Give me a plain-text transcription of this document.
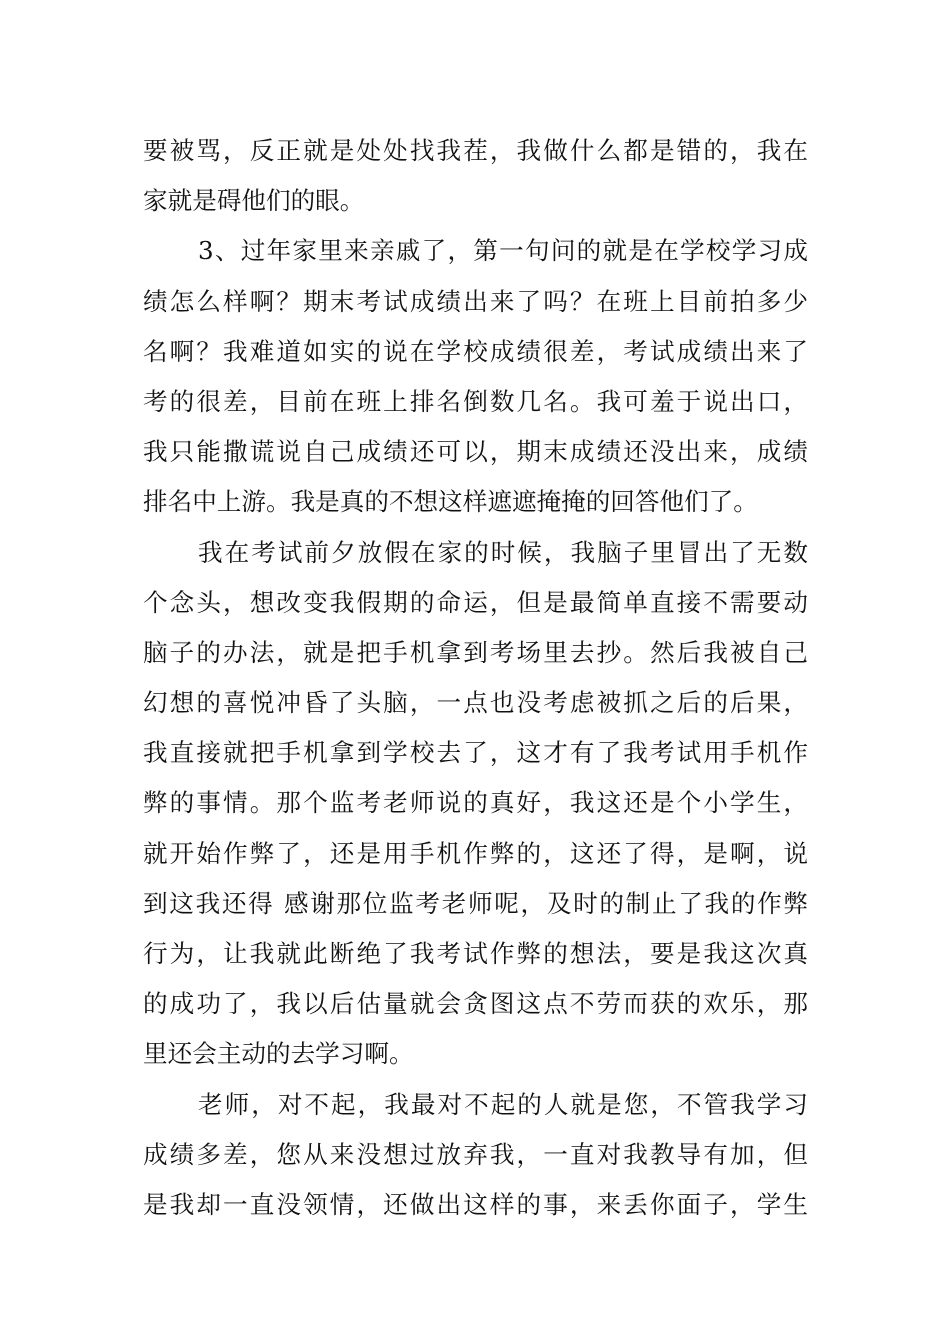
要被骂，反正就是处处找我茬，我做什么都是错的，我在
家就是碍他们的眼。
3、过年家里来亲戚了，第一句问的就是在学校学习成
绩怎么样啊？期末考试成绩出来了吗？在班上目前拍多少
名啊？我难道如实的说在学校成绩很差，考试成绩出来了
考的很差，目前在班上排名倒数几名。我可羞于说出口，
我只能撒谎说自己成绩还可以，期末成绩还没出来，成绩
排名中上游。我是真的不想这样遮遮掩掩的回答他们了。
我在考试前夕放假在家的时候，我脑子里冒出了无数
个念头，想改变我假期的命运，但是最简单直接不需要动
脑子的办法，就是把手机拿到考场里去抄。然后我被自己
幻想的喜悦冲昏了头脑，一点也没考虑被抓之后的后果，
我直接就把手机拿到学校去了，这才有了我考试用手机作
弊的事情。那个监考老师说的真好，我这还是个小学生，
就开始作弊了，还是用手机作弊的，这还了得，是啊，说
到这我还得 感谢那位监考老师呢，及时的制止了我的作弊
行为，让我就此断绝了我考试作弊的想法，要是我这次真
的成功了，我以后估量就会贪图这点不劳而获的欢乐，那
里还会主动的去学习啊。
老师，对不起，我最对不起的人就是您，不管我学习
成绩多差，您从来没想过放弃我，一直对我教导有加，但
是我却一直没领情，还做出这样的事，来丢你面子，学生
